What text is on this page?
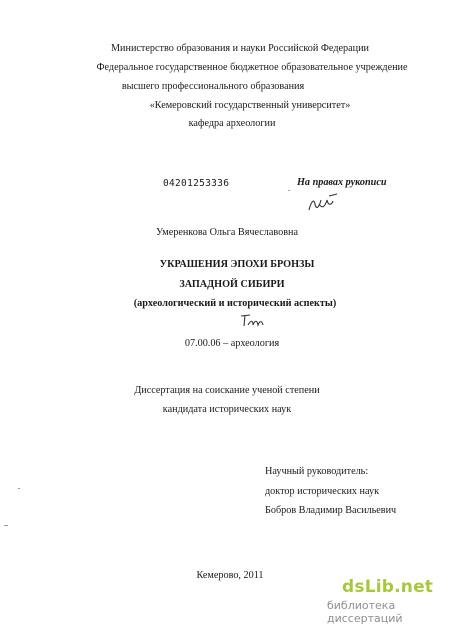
Министерство образования и науки Российской Федерации
Федеральное государственное бюджетное образовательное учреждение
высшего профессионального образования
«Кемеровский государственный университет»
кафедра археологии
04201253336	На правах рукописи
Умеренкова Ольга Вячеславовна
УКРАШЕНИЯ ЭПОХИ БРОНЗЫ
ЗАПАДНОЙ СИБИРИ
(археологический и исторический аспекты)
07.00.06 – археология
Диссертация на соискание ученой степени
кандидата исторических наук
Научный руководитель:
доктор исторических наук
Бобров Владимир Васильевич
Кемерово, 2011
dsLib.net
библиотека диссертаций
